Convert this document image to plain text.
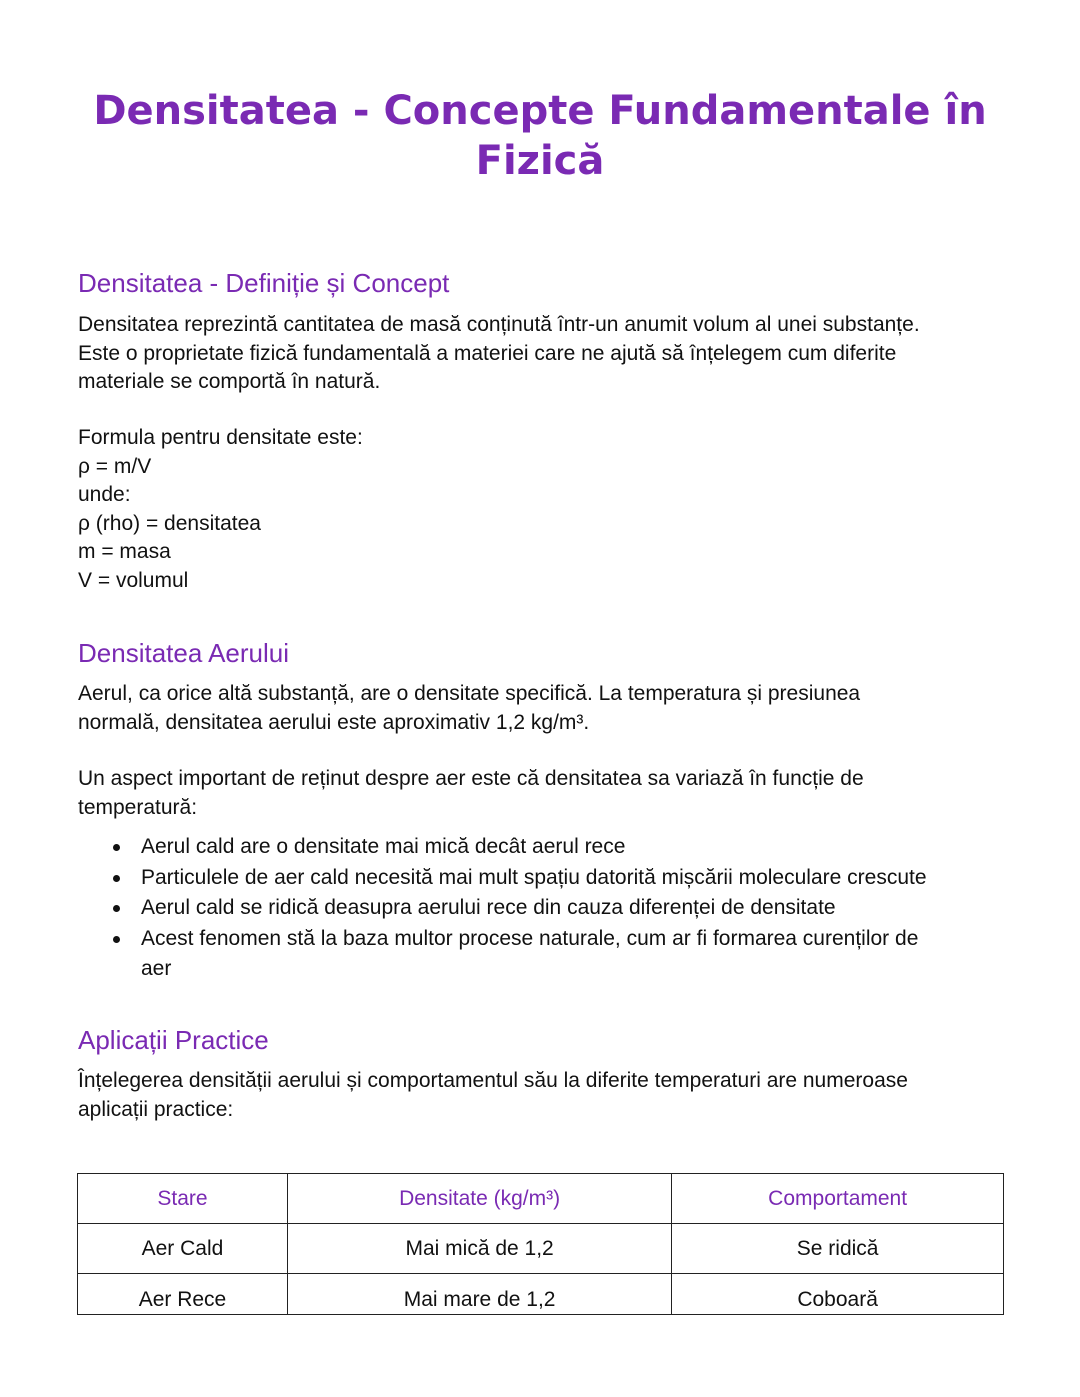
Densitatea - Concepte Fundamentale în
Fizică
Densitatea - Definiție și Concept

Densitatea reprezintă cantitatea de masă conținută într-un anumit volum al unei substanțe.
Este o proprietate fizică fundamentală a materiei care ne ajută să înțelegem cum diferite
materiale se comportă în natură.

Formula pentru densitate este:
ρ = m/V
unde:
ρ (rho) = densitatea
m = masa
V = volumul

Densitatea Aerului

Aerul, ca orice altă substanță, are o densitate specifică. La temperatura și presiunea
normală, densitatea aerului este aproximativ 1,2 kg/m³.

Un aspect important de reținut despre aer este că densitatea sa variază în funcție de
temperatură:

Aerul cald are o densitate mai mică decât aerul rece
Particulele de aer cald necesită mai mult spațiu datorită mișcării moleculare crescute
Aerul cald se ridică deasupra aerului rece din cauza diferenței de densitate
Acest fenomen stă la baza multor procese naturale, cum ar fi formarea curenților de
aer
Aplicații Practice

Înțelegerea densității aerului și comportamentul său la diferite temperaturi are numeroase
aplicații practice:

Stare	Densitate (kg/m³)	Comportament
Aer Cald	Mai mică de 1,2	Se ridică
Aer Rece	Mai mare de 1,2	Coboară
